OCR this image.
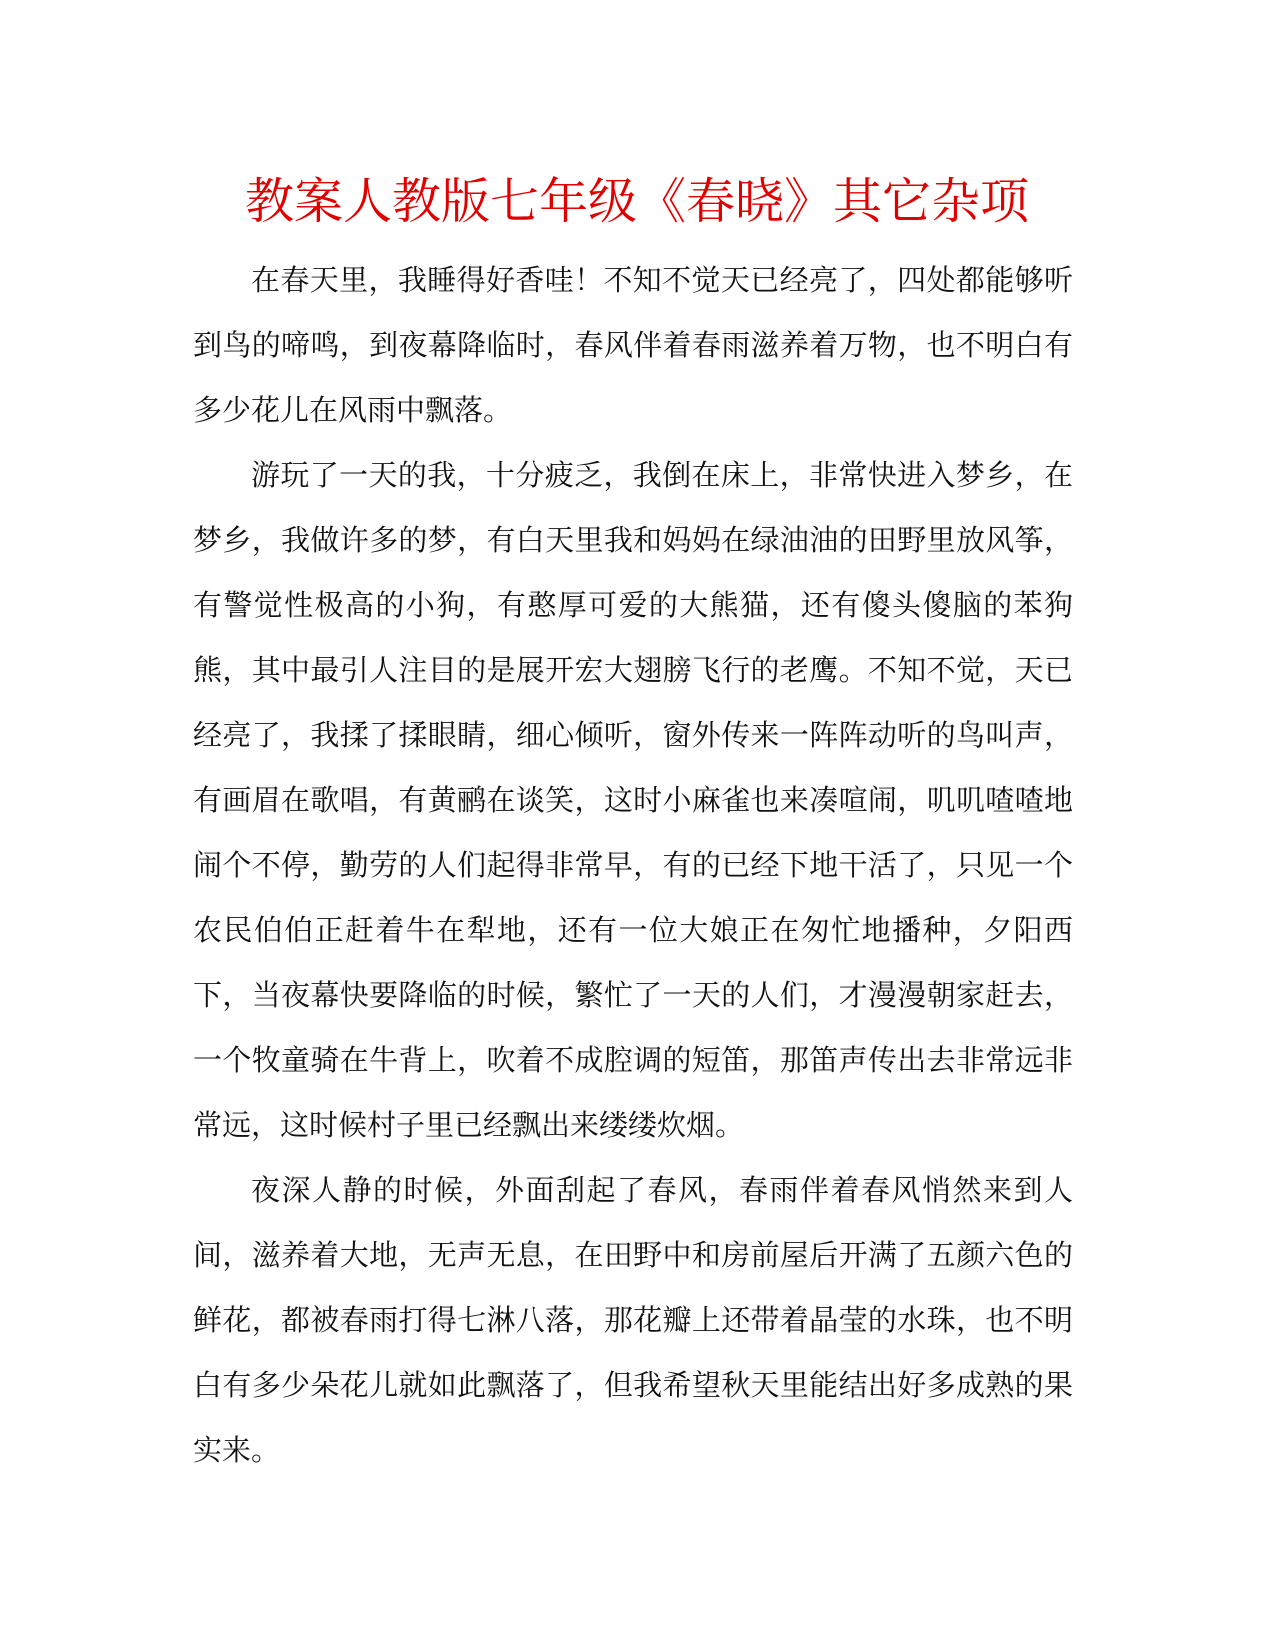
教案人教版七年级《春晓》其它杂项

在春天里，我睡得好香哇！不知不觉天已经亮了，四处都能够听到鸟的啼鸣，到夜幕降临时，春风伴着春雨滋养着万物，也不明白有多少花儿在风雨中飘落。

游玩了一天的我，十分疲乏，我倒在床上，非常快进入梦乡，在梦乡，我做许多的梦，有白天里我和妈妈在绿油油的田野里放风筝，有警觉性极高的小狗，有憨厚可爱的大熊猫，还有傻头傻脑的苯狗熊，其中最引人注目的是展开宏大翅膀飞行的老鹰。不知不觉，天已经亮了，我揉了揉眼睛，细心倾听，窗外传来一阵阵动听的鸟叫声，有画眉在歌唱，有黄鹂在谈笑，这时小麻雀也来凑喧闹，叽叽喳喳地闹个不停，勤劳的人们起得非常早，有的已经下地干活了，只见一个农民伯伯正赶着牛在犁地，还有一位大娘正在匆忙地播种，夕阳西下，当夜幕快要降临的时候，繁忙了一天的人们，才漫漫朝家赶去，一个牧童骑在牛背上，吹着不成腔调的短笛，那笛声传出去非常远非常远，这时候村子里已经飘出来缕缕炊烟。

夜深人静的时候，外面刮起了春风，春雨伴着春风悄然来到人间，滋养着大地，无声无息，在田野中和房前屋后开满了五颜六色的鲜花，都被春雨打得七淋八落，那花瓣上还带着晶莹的水珠，也不明白有多少朵花儿就如此飘落了，但我希望秋天里能结出好多成熟的果实来。
